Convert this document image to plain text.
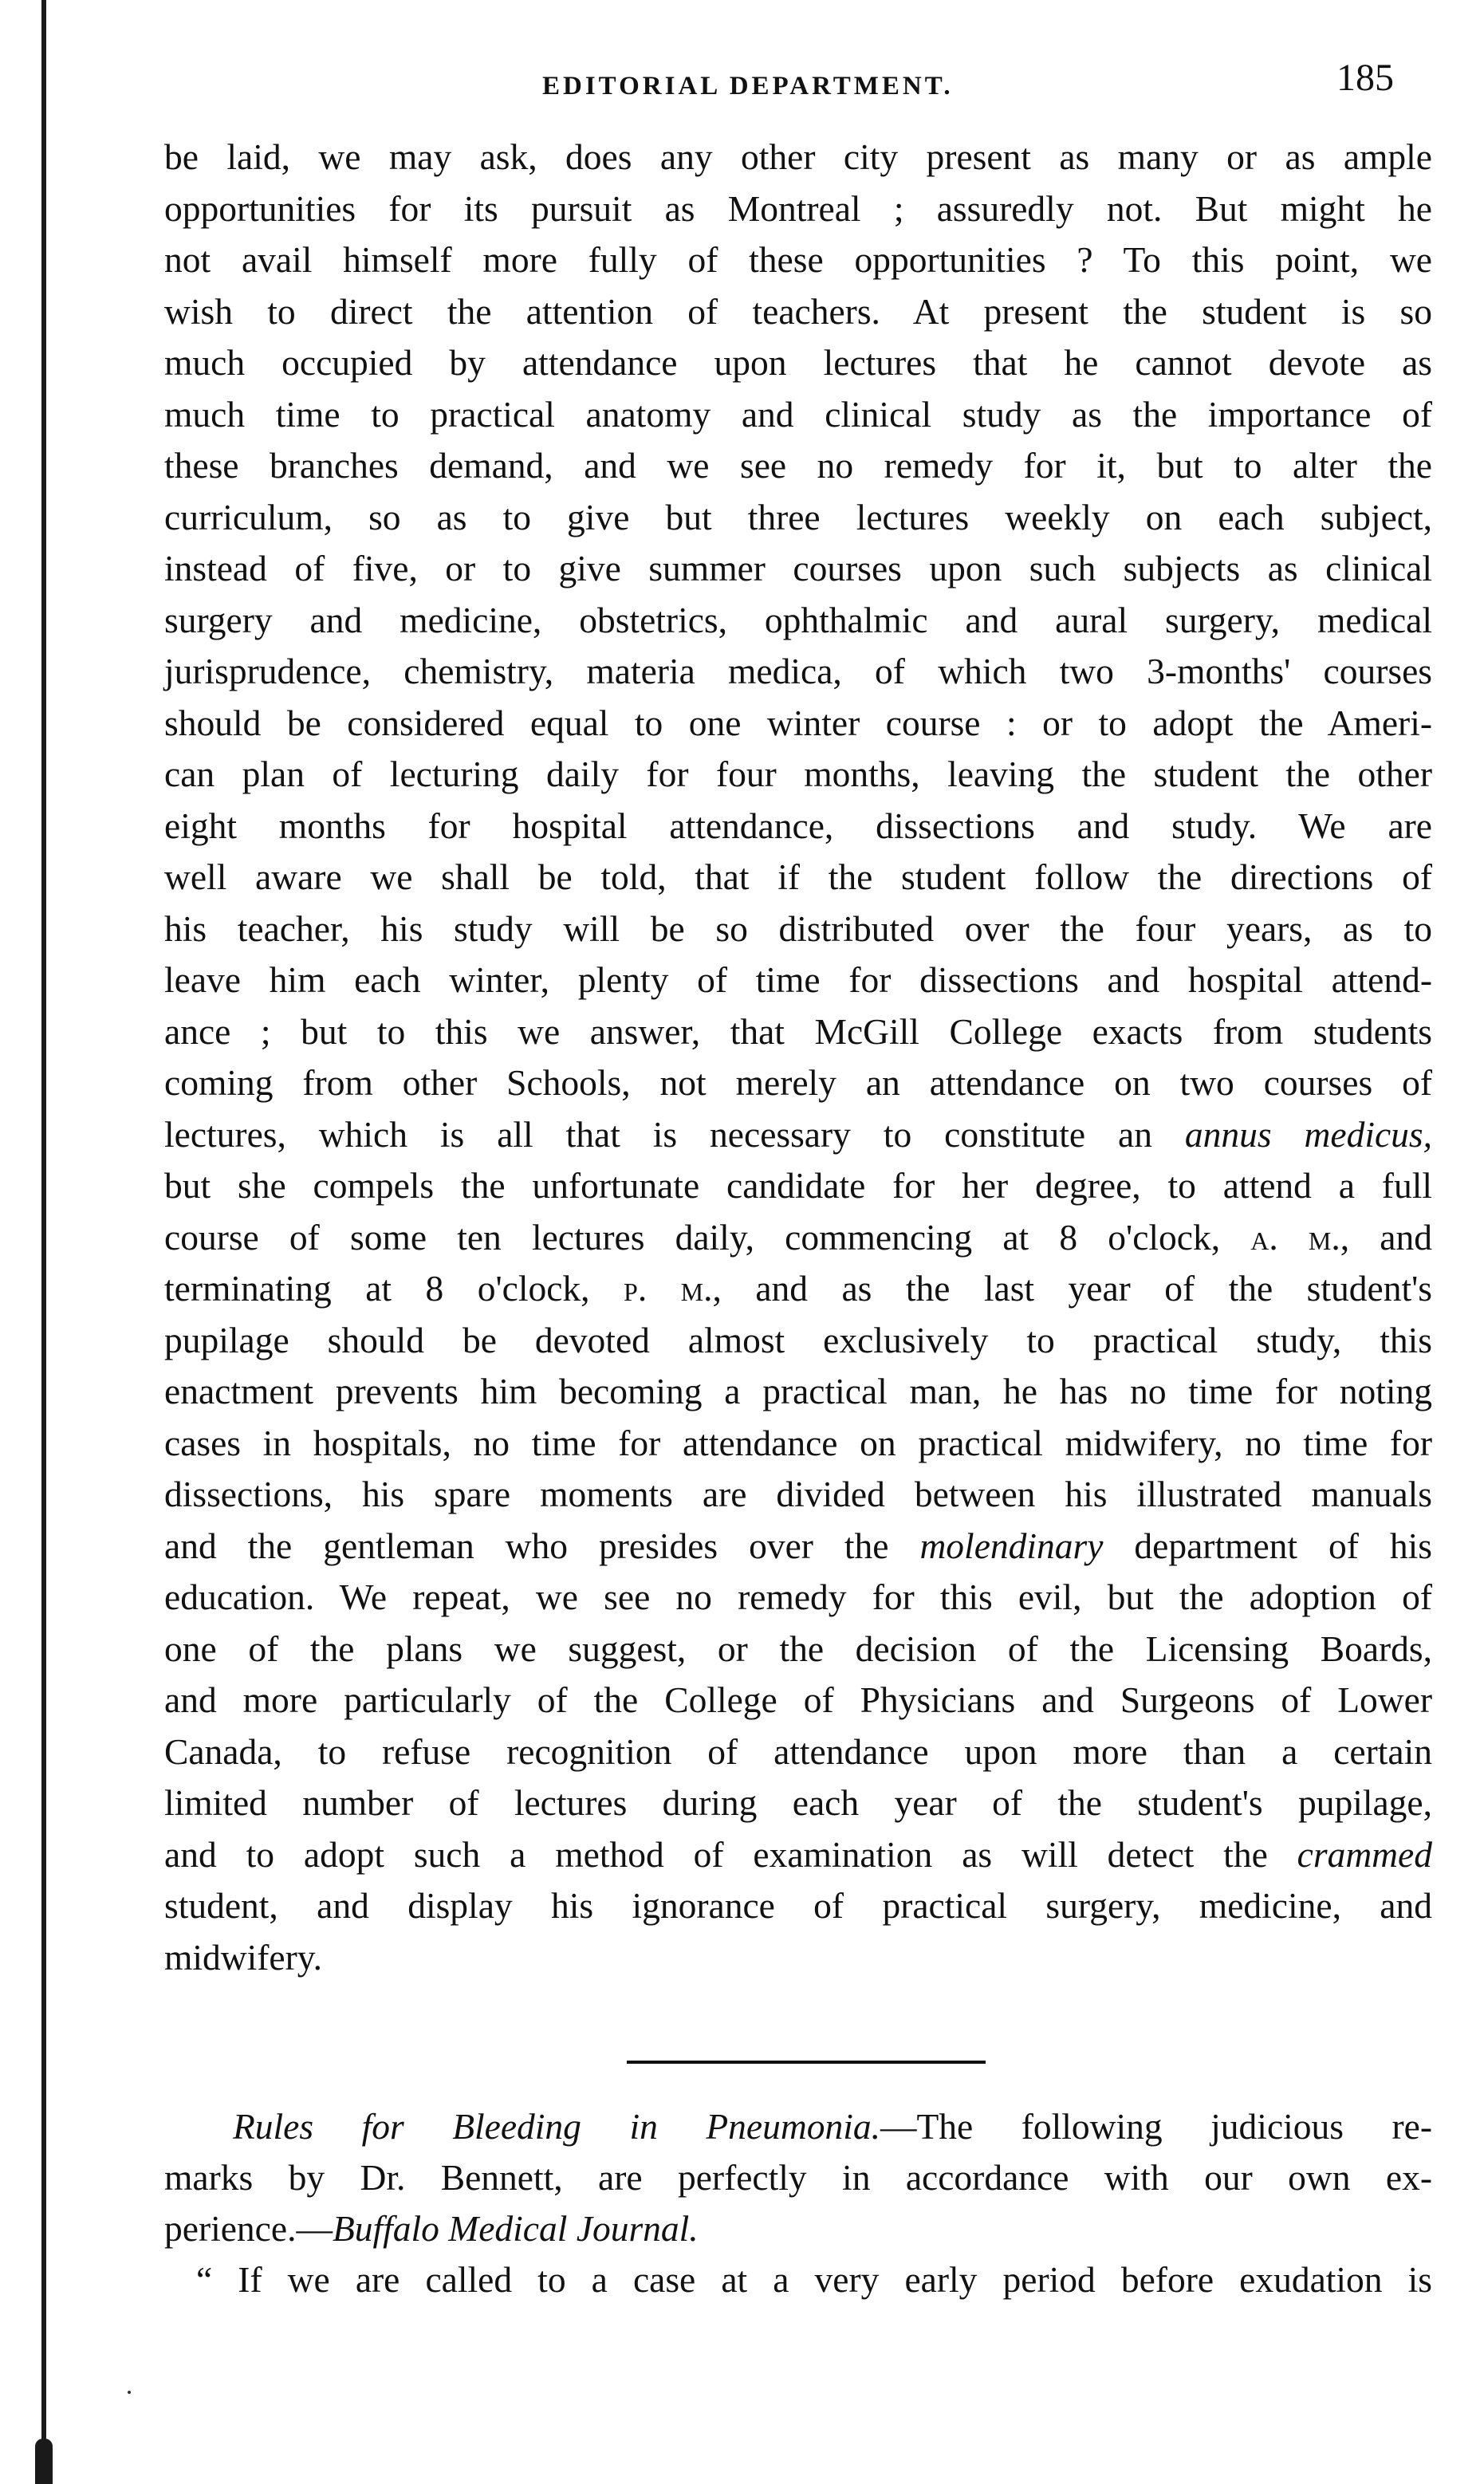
EDITORIAL DEPARTMENT.	185
be laid, we may ask, does any other city present as many or as ample
opportunities for its pursuit as Montreal ; assuredly not. But might he
not avail himself more fully of these opportunities ? To this point, we
wish to direct the attention of teachers. At present the student is so
much occupied by attendance upon lectures that he cannot devote as
much time to practical anatomy and clinical study as the importance of
these branches demand, and we see no remedy for it, but to alter the
curriculum, so as to give but three lectures weekly on each subject,
instead of five, or to give summer courses upon such subjects as clinical
surgery and medicine, obstetrics, ophthalmic and aural surgery, medical
jurisprudence, chemistry, materia medica, of which two 3-months' courses
should be considered equal to one winter course : or to adopt the Ameri-
can plan of lecturing daily for four months, leaving the student the other
eight months for hospital attendance, dissections and study. We are
well aware we shall be told, that if the student follow the directions of
his teacher, his study will be so distributed over the four years, as to
leave him each winter, plenty of time for dissections and hospital attend-
ance ; but to this we answer, that McGill College exacts from students
coming from other Schools, not merely an attendance on two courses of
lectures, which is all that is necessary to constitute an annus medicus,
but she compels the unfortunate candidate for her degree, to attend a full
course of some ten lectures daily, commencing at 8 o'clock, a. m., and
terminating at 8 o'clock, p. m., and as the last year of the student's
pupilage should be devoted almost exclusively to practical study, this
enactment prevents him becoming a practical man, he has no time for noting
cases in hospitals, no time for attendance on practical midwifery, no time for
dissections, his spare moments are divided between his illustrated manuals
and the gentleman who presides over the molendinary department of his
education. We repeat, we see no remedy for this evil, but the adoption of
one of the plans we suggest, or the decision of the Licensing Boards,
and more particularly of the College of Physicians and Surgeons of Lower
Canada, to refuse recognition of attendance upon more than a certain
limited number of lectures during each year of the student's pupilage,
and to adopt such a method of examination as will detect the crammed
student, and display his ignorance of practical surgery, medicine, and
midwifery.
Rules for Bleeding in Pneumonia.—The following judicious re-
marks by Dr. Bennett, are perfectly in accordance with our own ex-
perience.—Buffalo Medical Journal.
“ If we are called to a case at a very early period before exudation is
